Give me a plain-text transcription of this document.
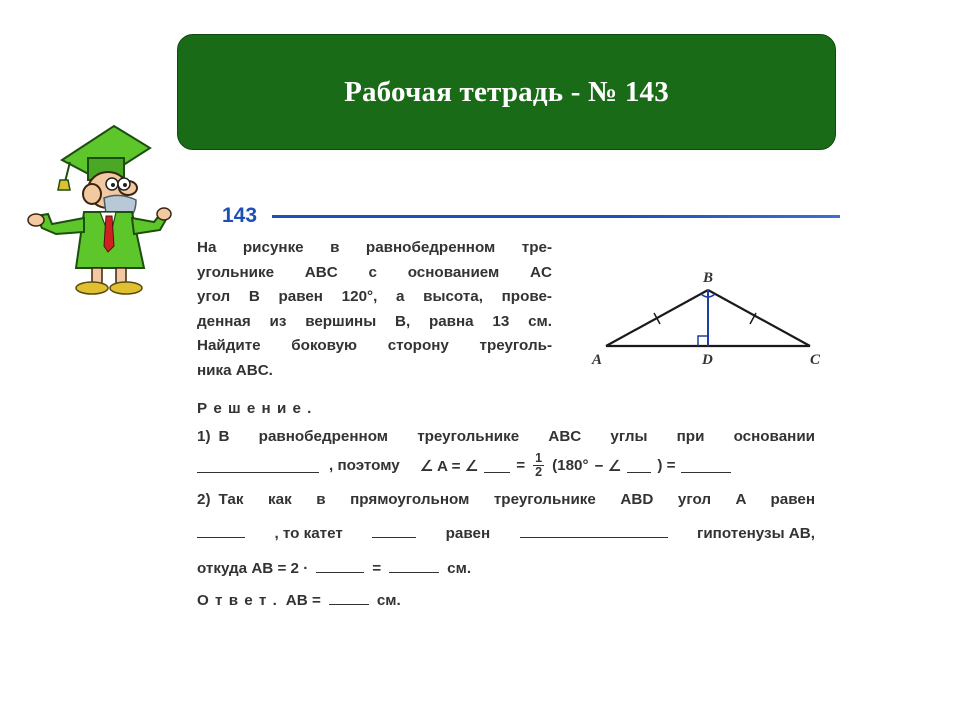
Рабочая тетрадь - № 143
143
На рисунке в равнобедренном тре-
угольнике ABC с основанием AC
угол B равен 120°, а высота, прове-
денная из вершины B, равна 13 см.
Найдите боковую сторону треуголь-
ника ABC.
A
B
C
D
Р е ш е н и е .
1) В равнобедренном треугольнике ABC углы при основании
, поэтому ∠ A = ∠	= $\frac{1}{2} (180^\circ$ − ∠ ) =
2) Так как в прямоугольном треугольнике ABD угол A равен
, то катет	равен	гипотенузы AB,
откуда AB = 2 ·	=	см.
О т в е т . AB =	см.
